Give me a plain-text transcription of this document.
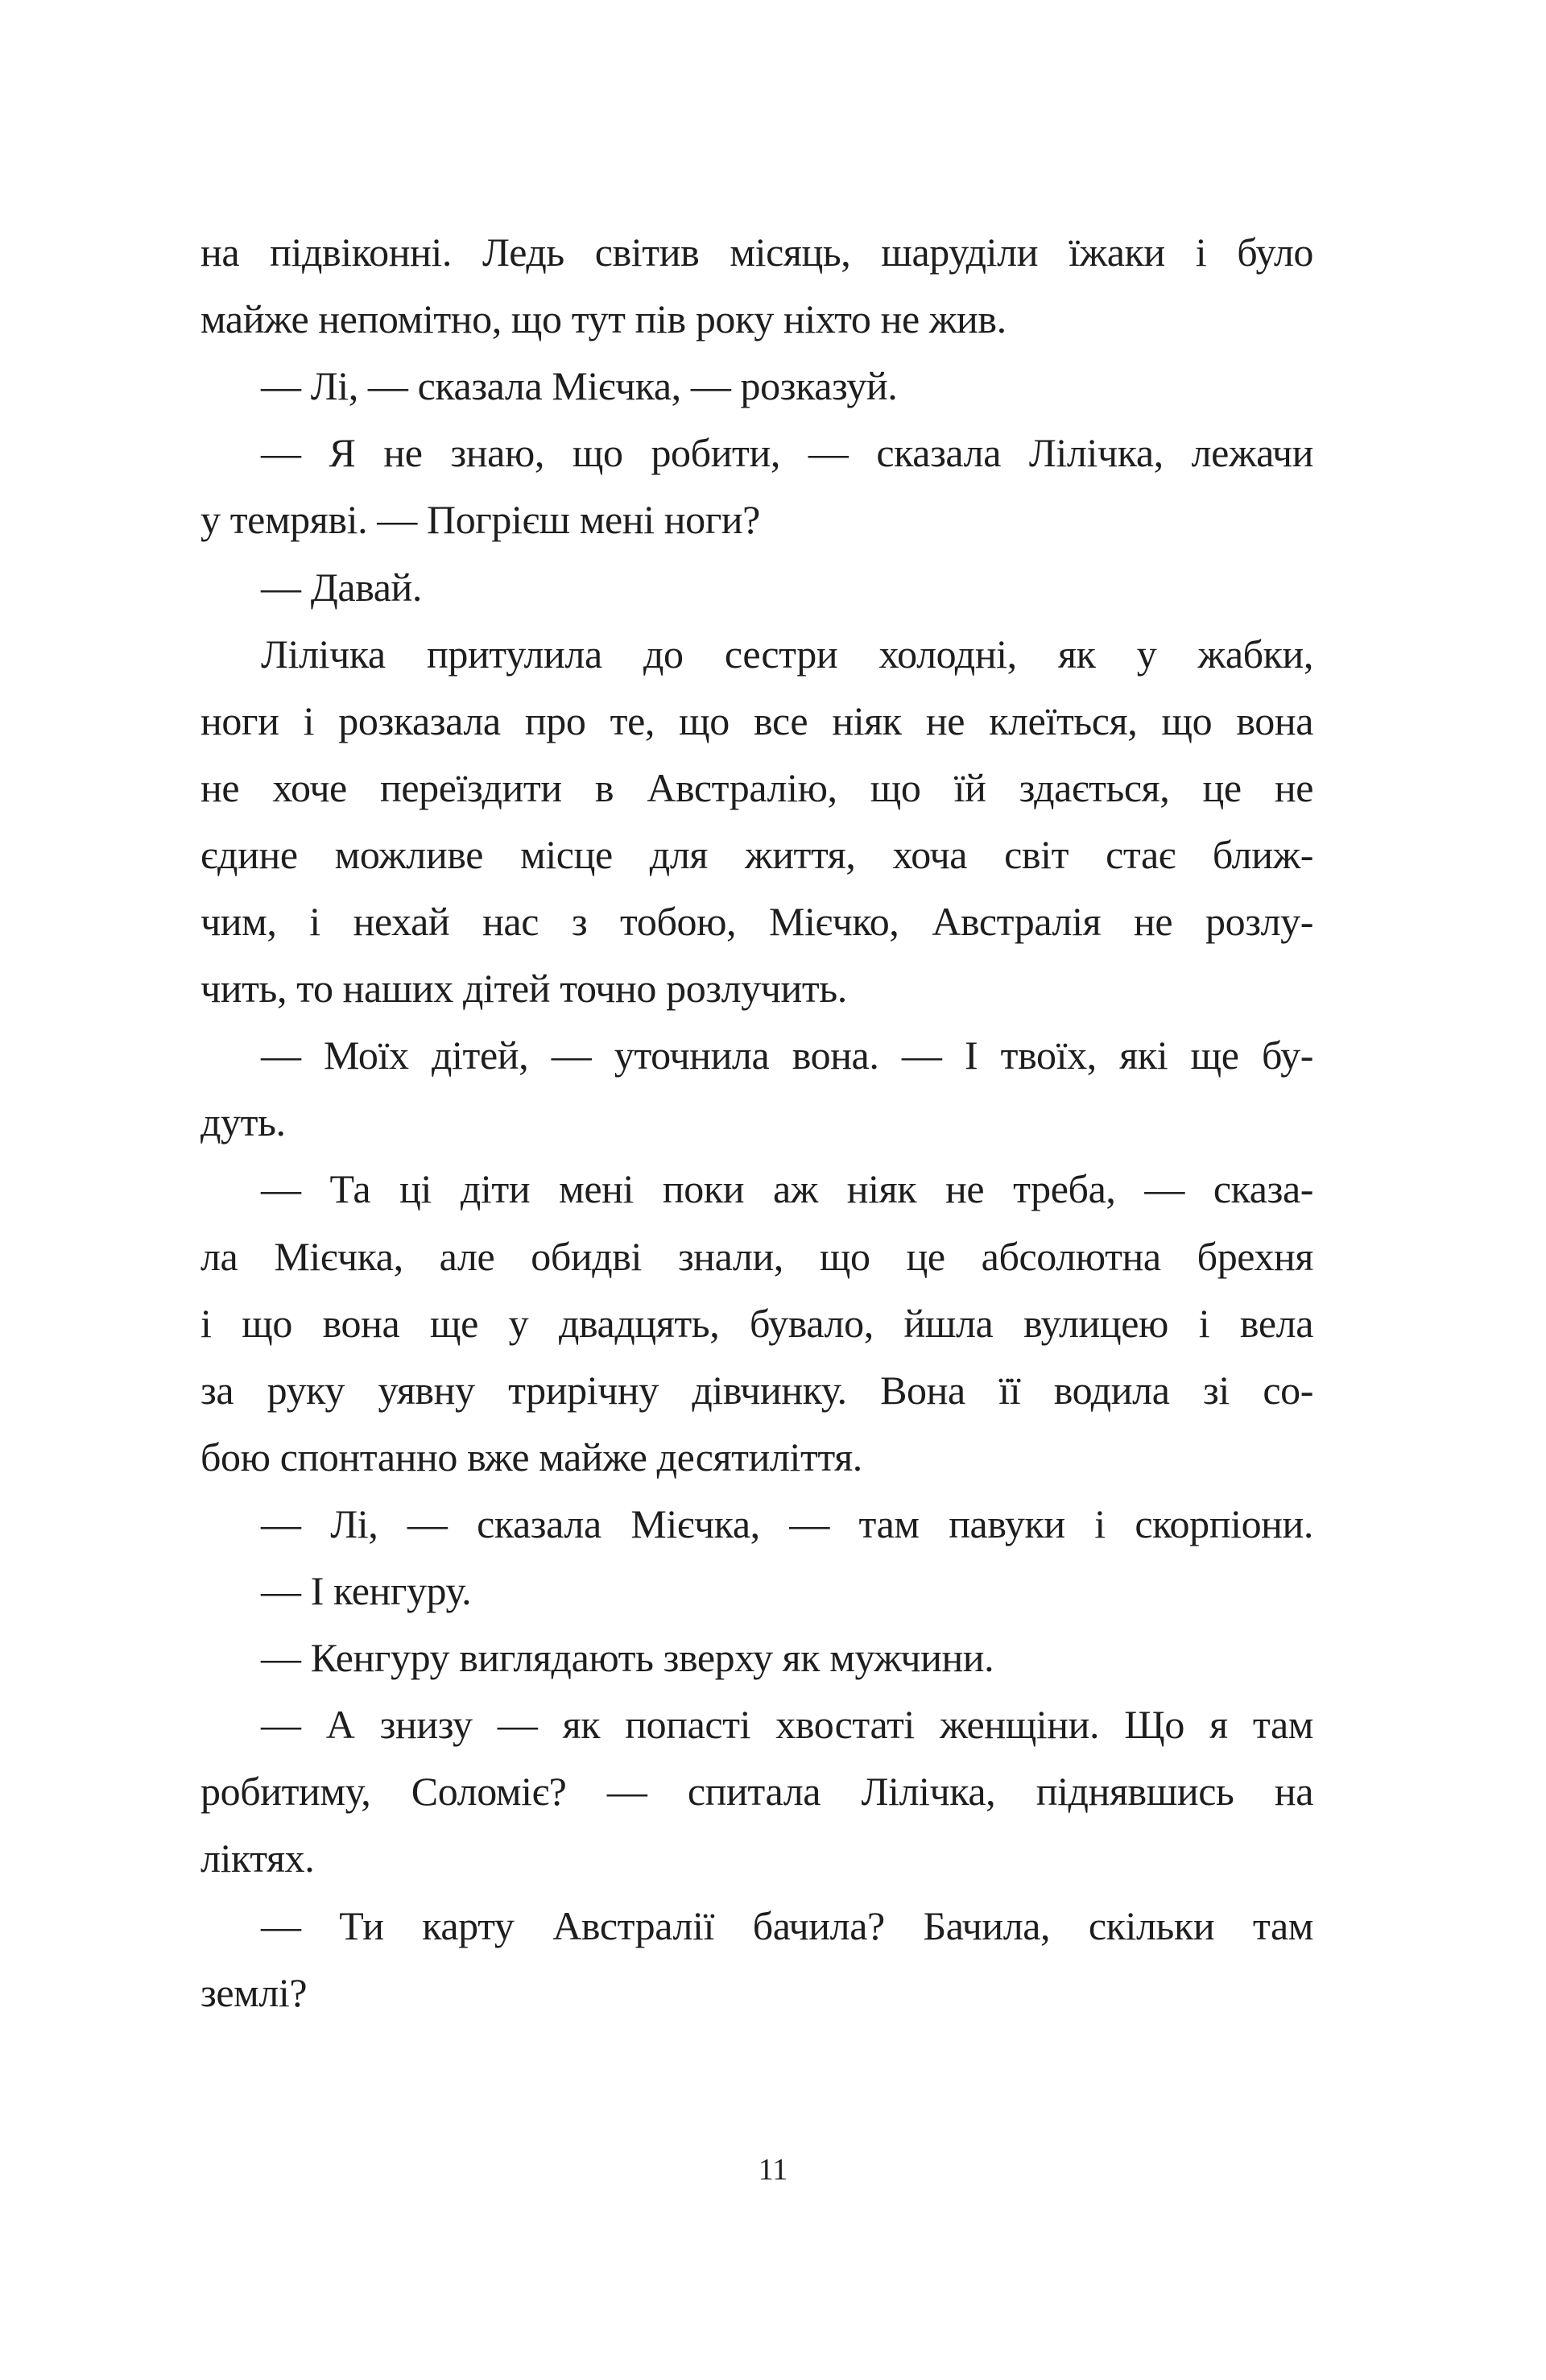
на підвіконні. Ледь світив місяць, шаруділи їжаки і було
майже непомітно, що тут пів року ніхто не жив.
— Лі, — сказала Мієчка, — розказуй.
— Я не знаю, що робити, — сказала Лілічка, лежачи
у темряві. — Погрієш мені ноги?
— Давай.
Лілічка притулила до сестри холодні, як у жабки,
ноги і розказала про те, що все ніяк не клеїться, що вона
не хоче переїздити в Австралію, що їй здається, це не
єдине можливе місце для життя, хоча світ стає ближ-
чим, і нехай нас з тобою, Мієчко, Австралія не розлу-
чить, то наших дітей точно розлучить.
— Моїх дітей, — уточнила вона. — І твоїх, які ще бу-
дуть.
— Та ці діти мені поки аж ніяк не треба, — сказа-
ла Мієчка, але обидві знали, що це абсолютна брехня
і що вона ще у двадцять, бувало, йшла вулицею і вела
за руку уявну трирічну дівчинку. Вона її водила зі со-
бою спонтанно вже майже десятиліття.
— Лі, — сказала Мієчка, — там павуки і скорпіони.
— І кенгуру.
— Кенгуру виглядають зверху як мужчини.
— А знизу — як попасті хвостаті женщіни. Що я там
робитиму, Соломіє? — спитала Лілічка, піднявшись на
ліктях.
— Ти карту Австралії бачила? Бачила, скільки там
землі?
11
